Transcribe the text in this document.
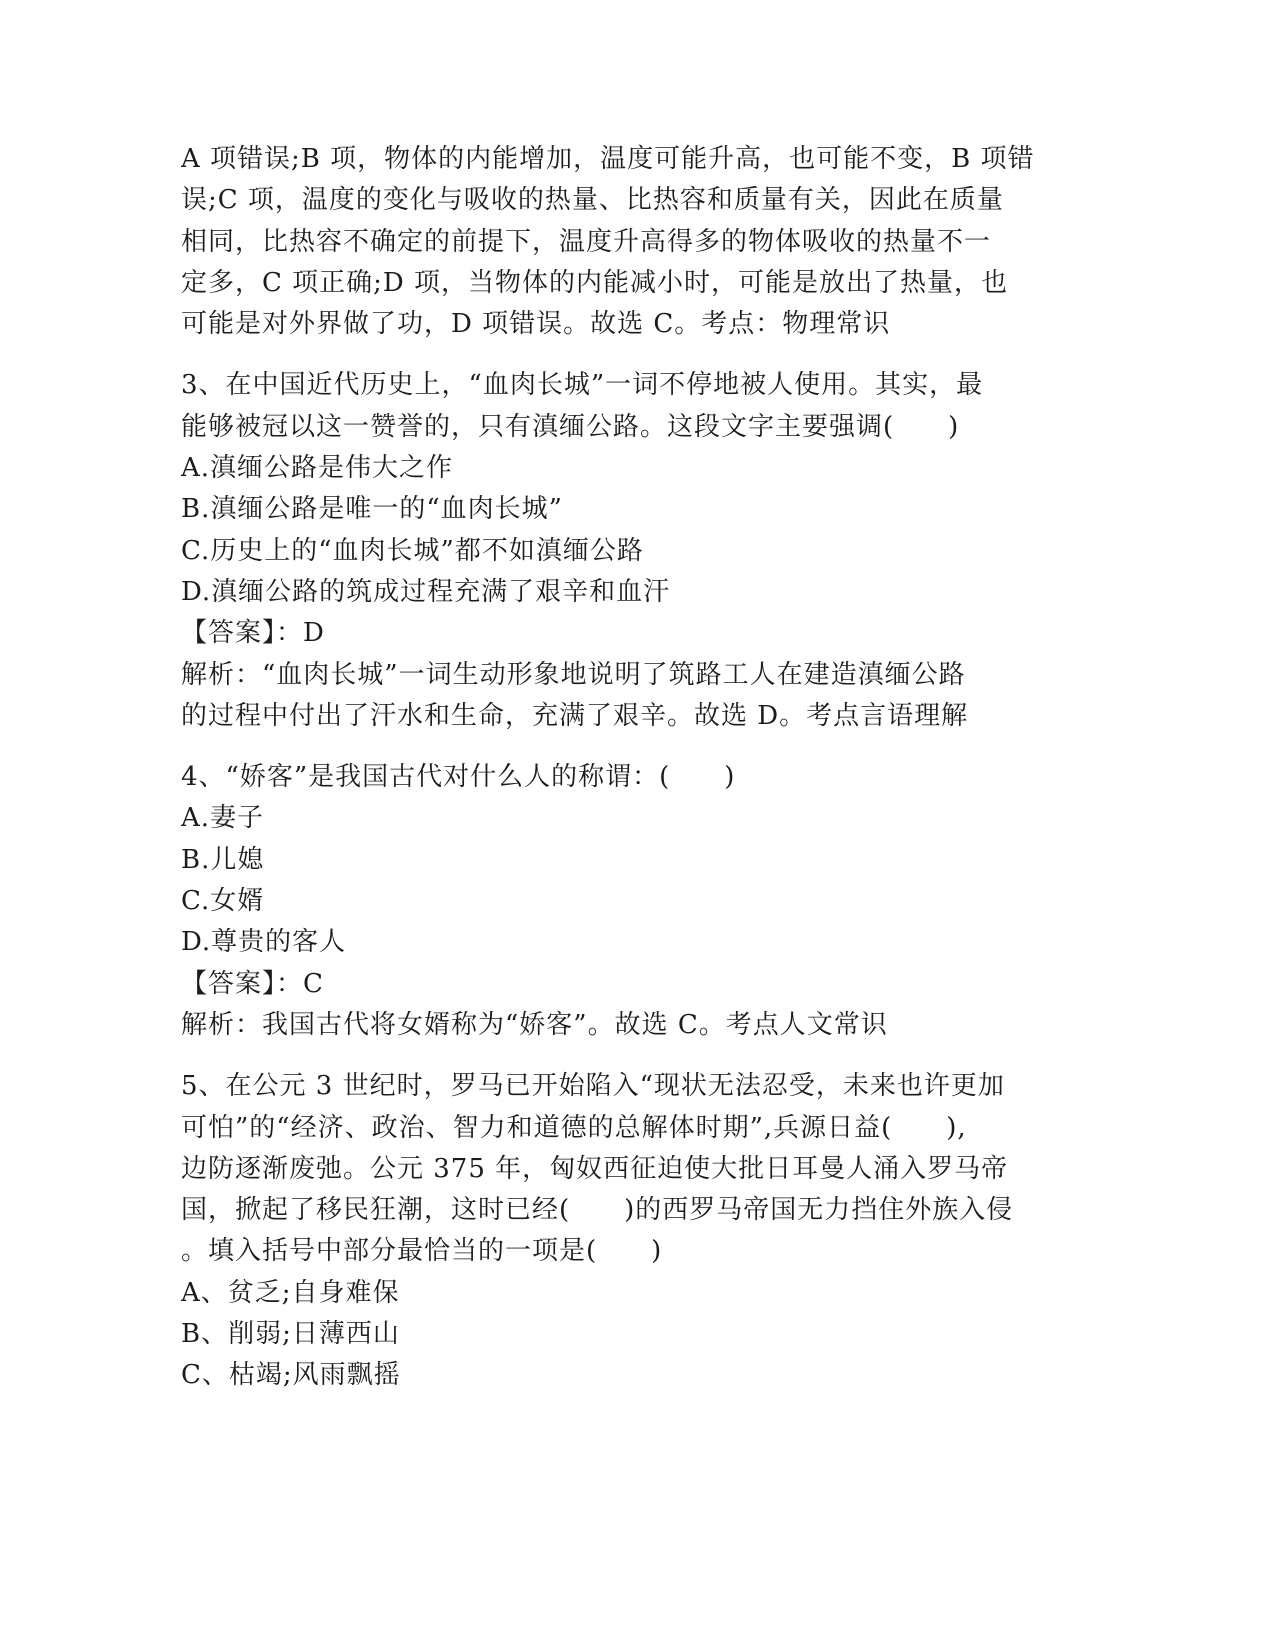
A 项错误;B 项，物体的内能增加，温度可能升高，也可能不变，B 项错
误;C 项，温度的变化与吸收的热量、比热容和质量有关，因此在质量
相同，比热容不确定的前提下，温度升高得多的物体吸收的热量不一
定多，C 项正确;D 项，当物体的内能减小时，可能是放出了热量，也
可能是对外界做了功，D 项错误。故选 C。考点：物理常识
3、在中国近代历史上，“血肉长城”一词不停地被人使用。其实，最
能够被冠以这一赞誉的，只有滇缅公路。这段文字主要强调(　　)
A.滇缅公路是伟大之作
B.滇缅公路是唯一的“血肉长城”
C.历史上的“血肉长城”都不如滇缅公路
D.滇缅公路的筑成过程充满了艰辛和血汗
【答案】：D
解析：“血肉长城”一词生动形象地说明了筑路工人在建造滇缅公路
的过程中付出了汗水和生命，充满了艰辛。故选 D。考点言语理解
4、“娇客”是我国古代对什么人的称谓：(　　)
A.妻子
B.儿媳
C.女婿
D.尊贵的客人
【答案】：C
解析：我国古代将女婿称为“娇客”。故选 C。考点人文常识
5、在公元 3 世纪时，罗马已开始陷入“现状无法忍受，未来也许更加
可怕”的“经济、政治、智力和道德的总解体时期”,兵源日益(　　),
边防逐渐废弛。公元 375 年，匈奴西征迫使大批日耳曼人涌入罗马帝
国，掀起了移民狂潮，这时已经(　　)的西罗马帝国无力挡住外族入侵
。填入括号中部分最恰当的一项是(　　)
A、贫乏;自身难保
B、削弱;日薄西山
C、枯竭;风雨飘摇
